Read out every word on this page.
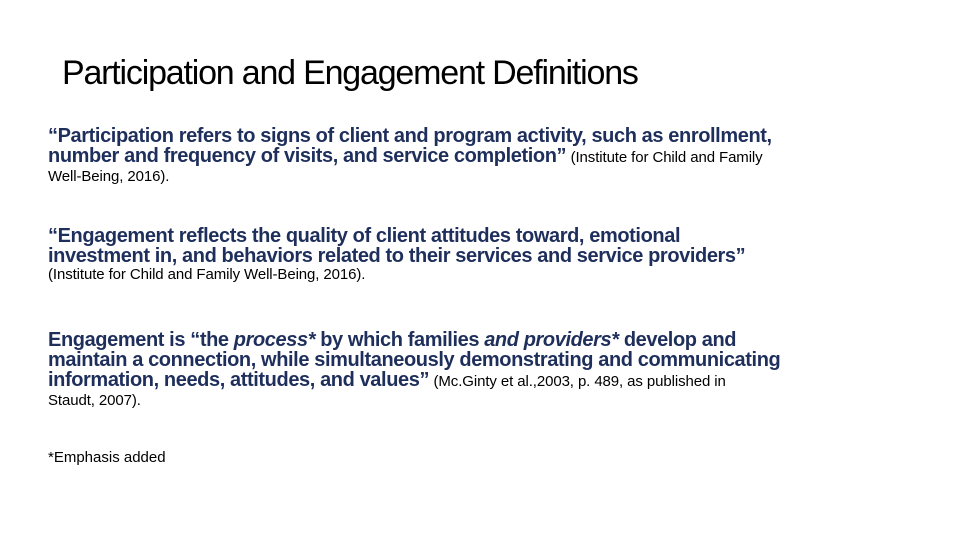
Participation and Engagement Definitions
“Participation refers to signs of client and program activity, such as enrollment,
number and frequency of visits, and service completion” (Institute for Child and Family
Well-Being, 2016).
“Engagement reflects the quality of client attitudes toward, emotional
investment in, and behaviors related to their services and service providers”
(Institute for Child and Family Well-Being, 2016).
Engagement is “the process* by which families and providers* develop and
maintain a connection, while simultaneously demonstrating and communicating
information, needs, attitudes, and values” (Mc.Ginty et al.,2003, p. 489, as published in
Staudt, 2007).

*Emphasis added
